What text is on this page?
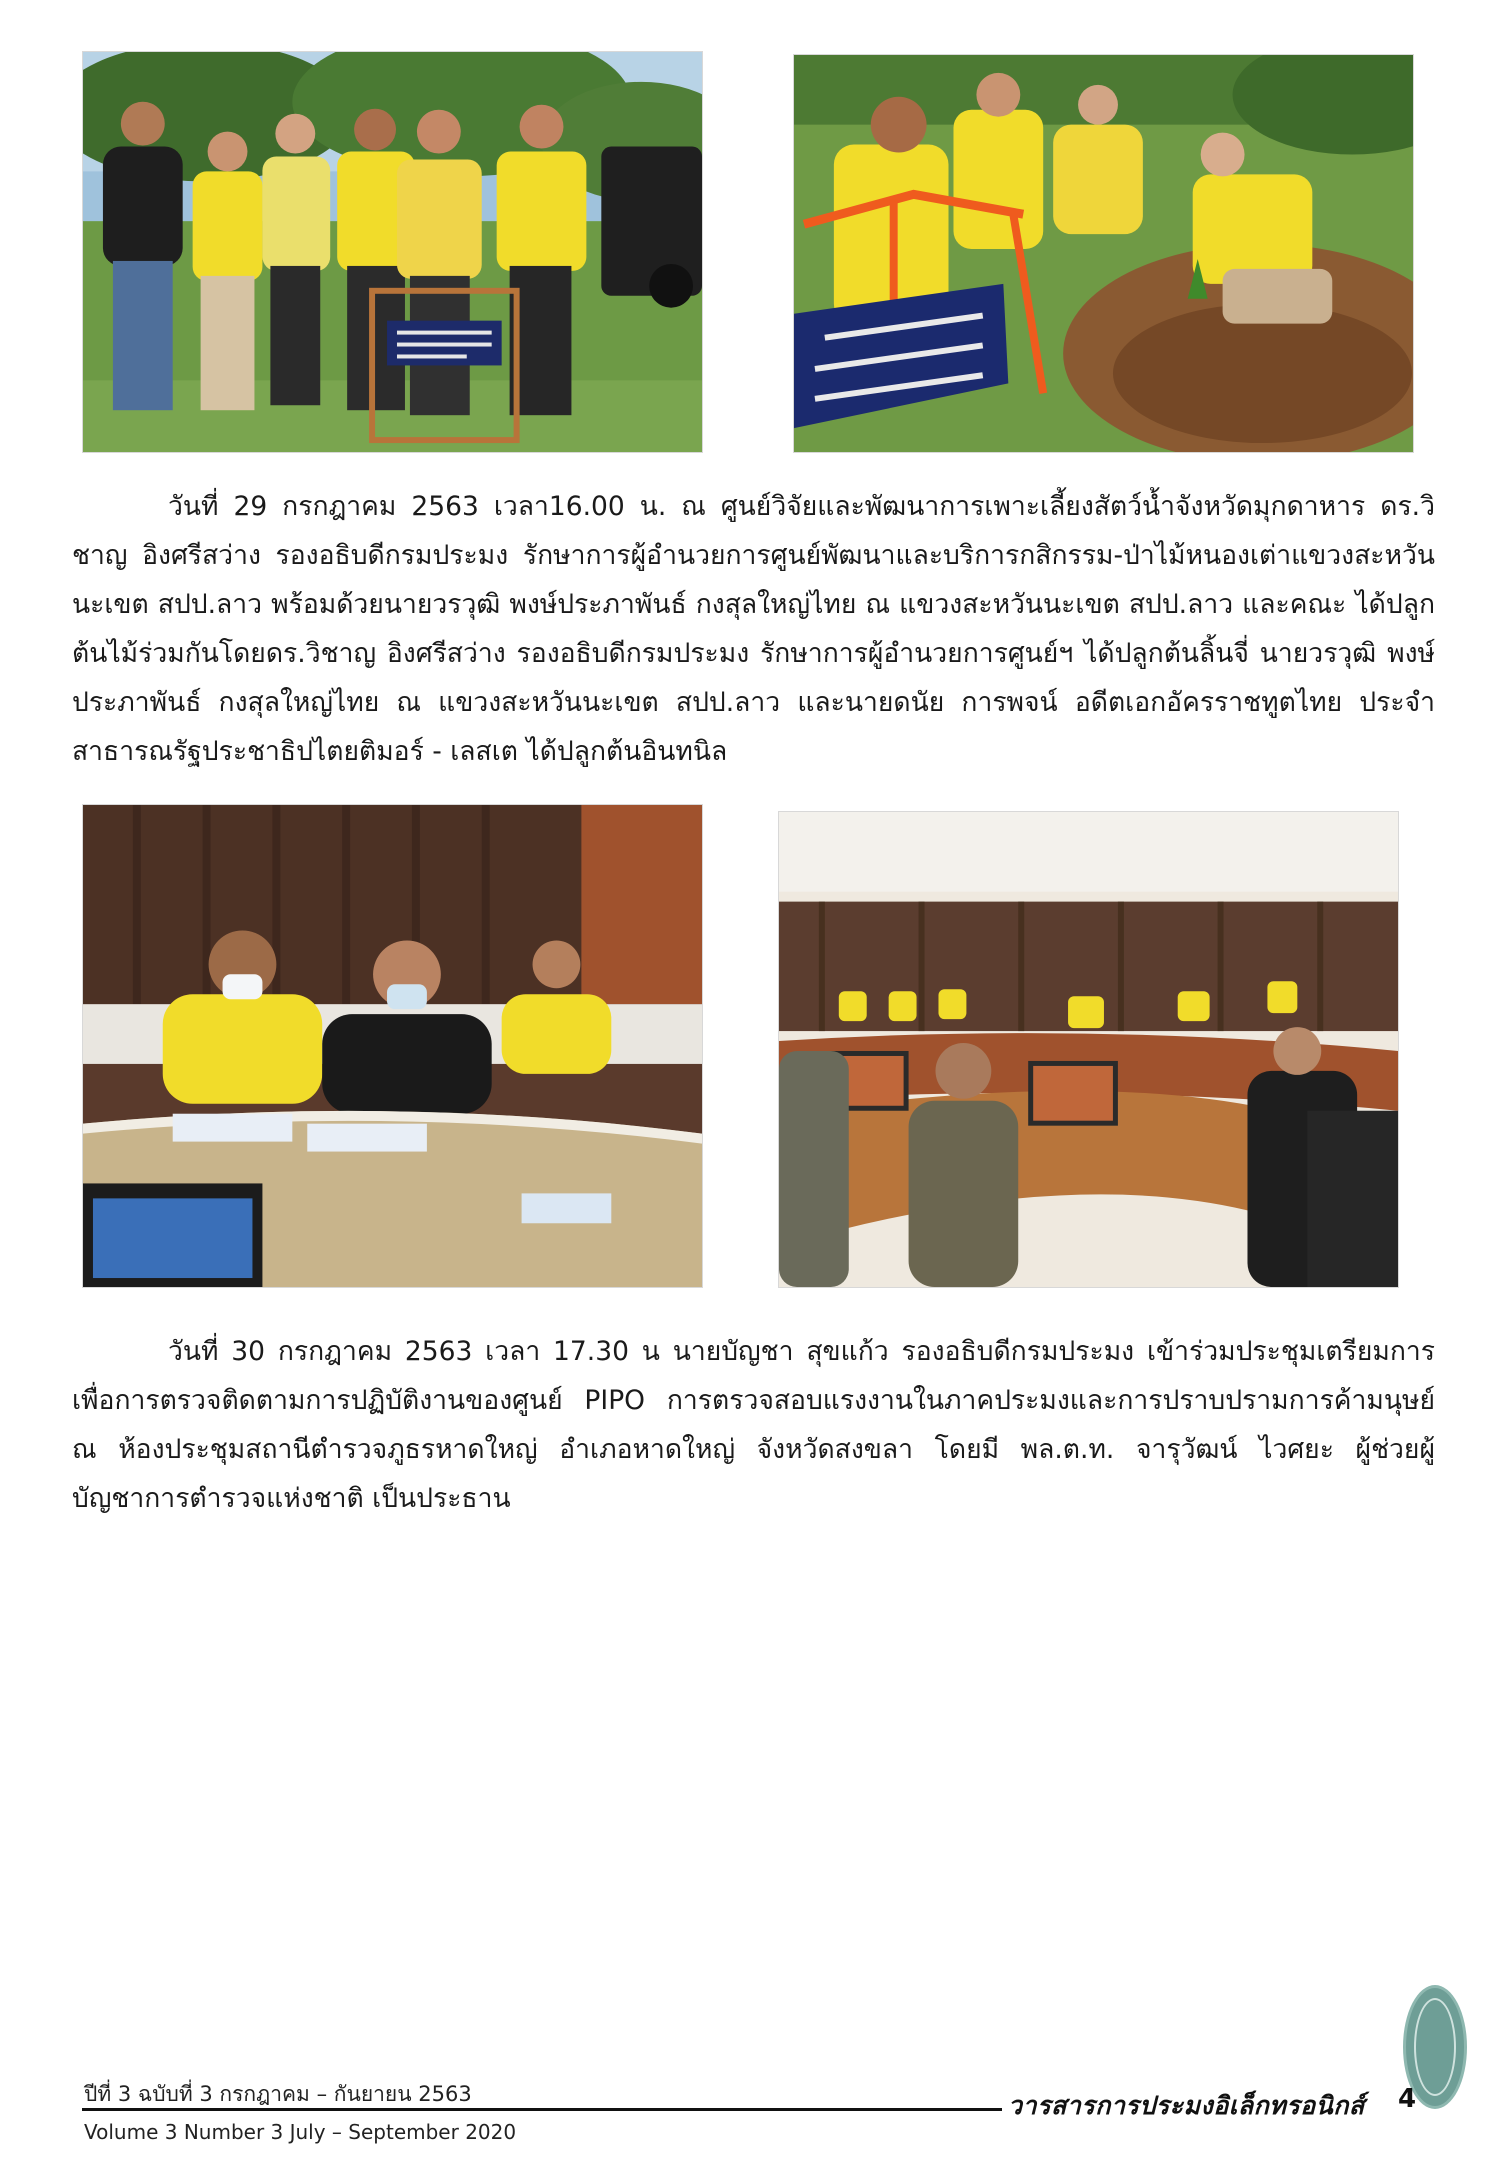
วันที่ 29 กรกฎาคม 2563 เวลา16.00 น. ณ ศูนย์วิจัยและพัฒนาการเพาะเลี้ยงสัตว์น้ำจังหวัดมุกดาหาร ดร.วิชาญ อิงศรีสว่าง รองอธิบดีกรมประมง รักษาการผู้อำนวยการศูนย์พัฒนาและบริการกสิกรรม-ป่าไม้หนองเต่าแขวงสะหวันนะเขต สปป.ลาว พร้อมด้วยนายวรวุฒิ พงษ์ประภาพันธ์ กงสุลใหญ่ไทย ณ แขวงสะหวันนะเขต สปป.ลาว และคณะ ได้ปลูกต้นไม้ร่วมกันโดยดร.วิชาญ อิงศรีสว่าง รองอธิบดีกรมประมง รักษาการผู้อำนวยการศูนย์ฯ ได้ปลูกต้นลิ้นจี่ นายวรวุฒิ พงษ์ประภาพันธ์ กงสุลใหญ่ไทย ณ แขวงสะหวันนะเขต สปป.ลาว และนายดนัย การพจน์ อดีตเอกอัครราชทูตไทย ประจำสาธารณรัฐประชาธิปไตยติมอร์ - เลสเต ได้ปลูกต้นอินทนิล

วันที่ 30 กรกฎาคม 2563 เวลา 17.30 น นายบัญชา สุขแก้ว รองอธิบดีกรมประมง เข้าร่วมประชุมเตรียมการ เพื่อการตรวจติดตามการปฏิบัติงานของศูนย์ PIPO การตรวจสอบแรงงานในภาคประมงและการปราบปรามการค้ามนุษย์ ณ ห้องประชุมสถานีตำรวจภูธรหาดใหญ่ อำเภอหาดใหญ่ จังหวัดสงขลา โดยมี พล.ต.ท. จารุวัฒน์ ไวศยะ ผู้ช่วยผู้บัญชาการตำรวจแห่งชาติ เป็นประธาน

ปีที่ 3 ฉบับที่ 3 กรกฎาคม – กันยายน 2563
Volume 3 Number 3 July – September 2020
วารสารการประมงอิเล็กทรอนิกส์ 4
